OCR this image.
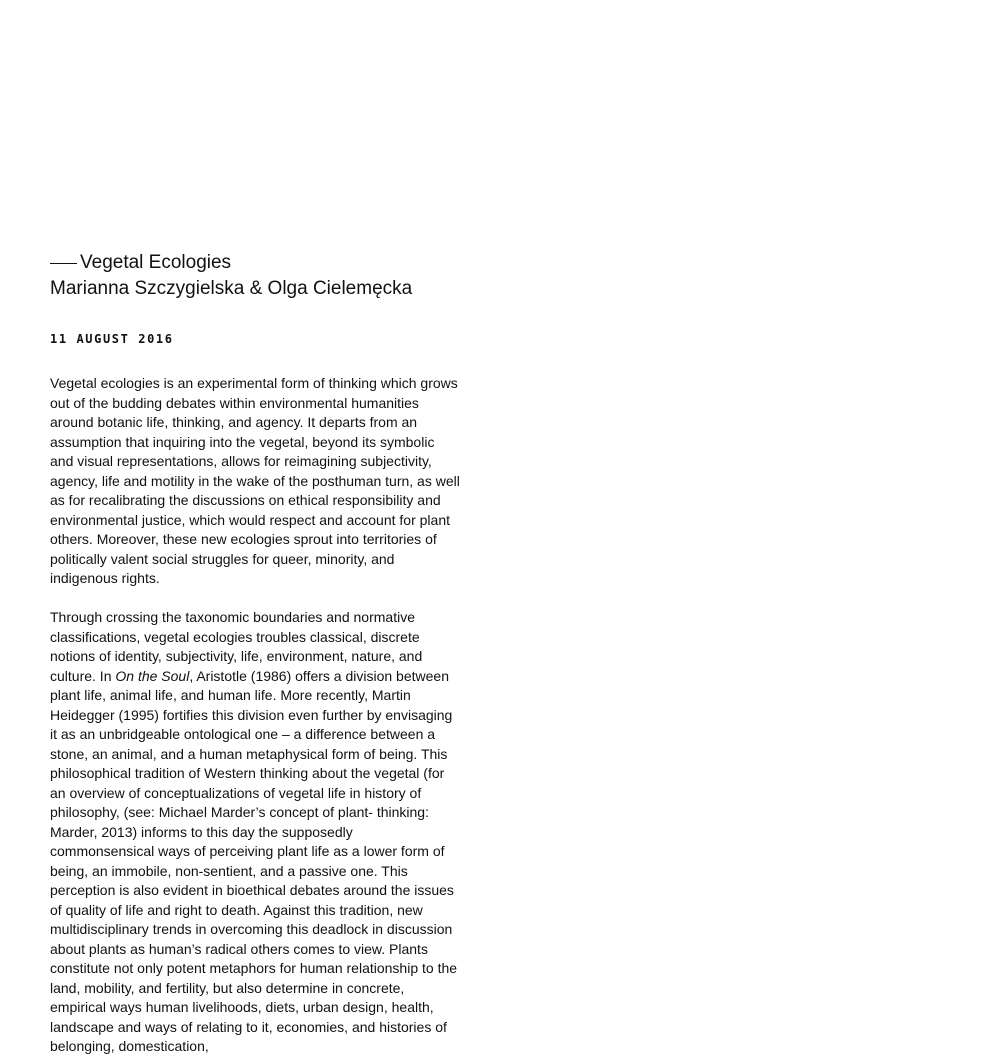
Vegetal Ecologies
Marianna Szczygielska & Olga Cielemęcka
11 AUGUST 2016

Vegetal ecologies is an experimental form of thinking which grows out of the budding debates within environmental humanities around botanic life, thinking, and agency. It departs from an assumption that inquiring into the vegetal, beyond its symbolic and visual representations, allows for reimagining subjectivity, agency, life and motility in the wake of the posthuman turn, as well as for recalibrating the discussions on ethical responsibility and environmental justice, which would respect and account for plant others. Moreover, these new ecologies sprout into territories of politically valent social struggles for queer, minority, and indigenous rights.

Through crossing the taxonomic boundaries and normative classifications, vegetal ecologies troubles classical, discrete notions of identity, subjectivity, life, environment, nature, and culture. In On the Soul, Aristotle (1986) offers a division between plant life, animal life, and human life. More recently, Martin Heidegger (1995) fortifies this division even further by envisaging it as an unbridgeable ontological one – a difference between a stone, an animal, and a human metaphysical form of being. This philosophical tradition of Western thinking about the vegetal (for an overview of conceptualizations of vegetal life in history of philosophy, (see: Michael Marder’s concept of plant- thinking: Marder, 2013) informs to this day the supposedly commonsensical ways of perceiving plant life as a lower form of being, an immobile, non-sentient, and a passive one. This perception is also evident in bioethical debates around the issues of quality of life and right to death. Against this tradition, new multidisciplinary trends in overcoming this deadlock in discussion about plants as human’s radical others comes to view. Plants constitute not only potent metaphors for human relationship to the land, mobility, and fertility, but also determine in concrete, empirical ways human livelihoods, diets, urban design, health, landscape and ways of relating to it, economies, and histories of belonging, domestication,
